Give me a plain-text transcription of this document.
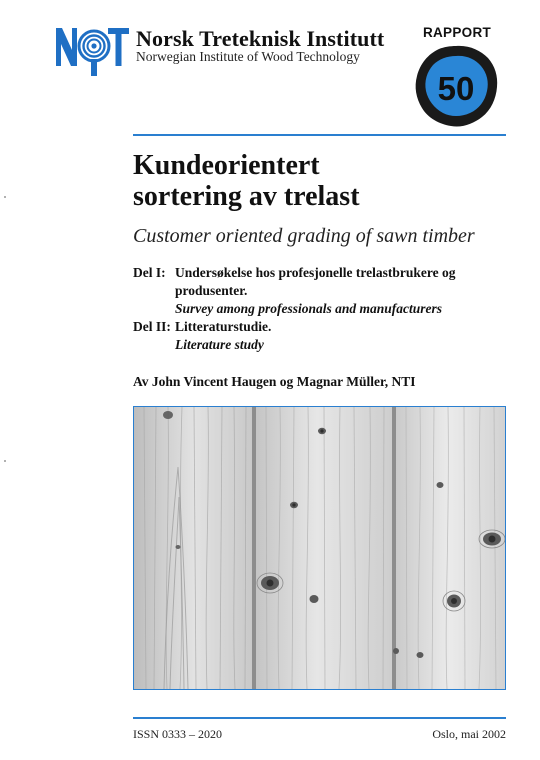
Norsk Treteknisk Institutt
Norwegian Institute of Wood Technology
RAPPORT
50
Kundeorientert
sortering av trelast
Customer oriented grading of sawn timber
Del I: Undersøkelse hos profesjonelle trelastbrukere og
produsenter.
Survey among professionals and manufacturers
Del II: Litteraturstudie.
Literature study
Av John Vincent Haugen og Magnar Müller, NTI
ISSN 0333 – 2020	Oslo, mai 2002
